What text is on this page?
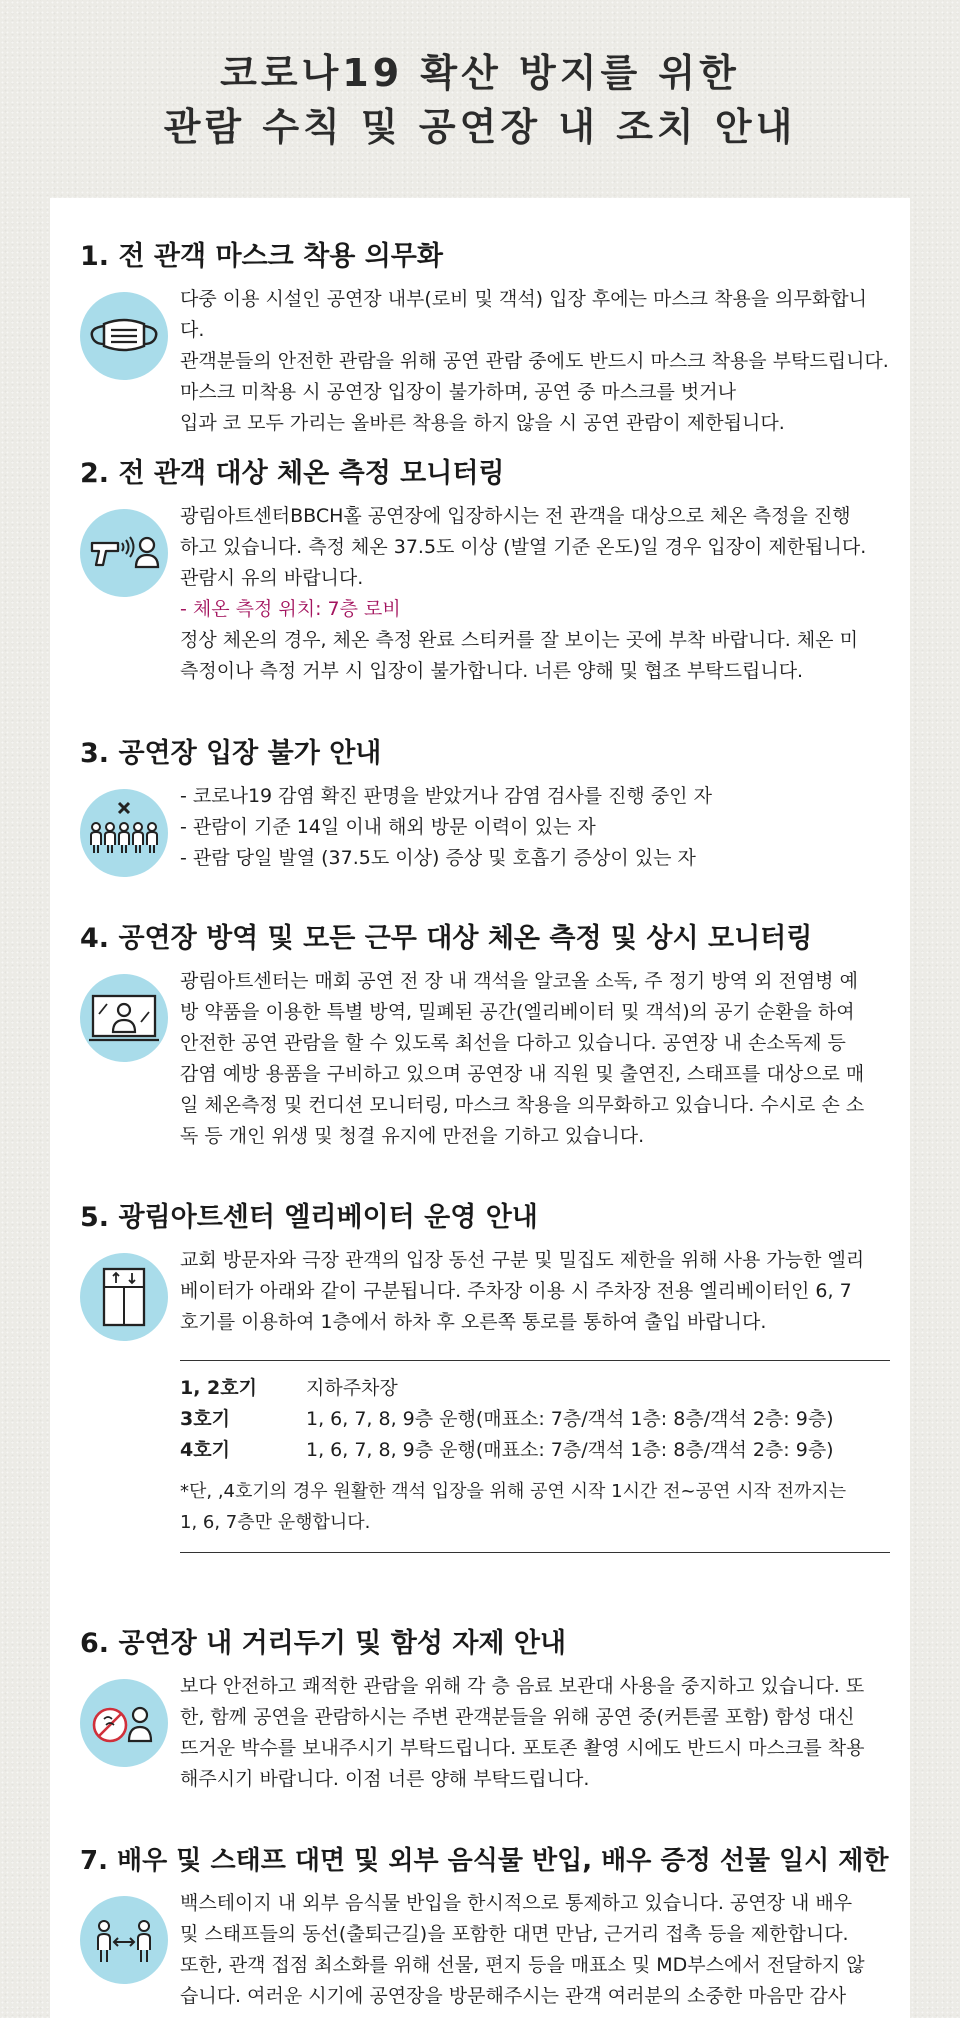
코로나19 확산 방지를 위한
관람 수칙 및 공연장 내 조치 안내
1. 전 관객 마스크 착용 의무화

다중 이용 시설인 공연장 내부(로비 및 객석) 입장 후에는 마스크 착용을 의무화합니다.

관객분들의 안전한 관람을 위해 공연 관람 중에도 반드시 마스크 착용을 부탁드립니다.

마스크 미착용 시 공연장 입장이 불가하며, 공연 중 마스크를 벗거나

입과 코 모두 가리는 올바른 착용을 하지 않을 시 공연 관람이 제한됩니다.

2. 전 관객 대상 체온 측정 모니터링

광림아트센터BBCH홀 공연장에 입장하시는 전 관객을 대상으로 체온 측정을 진행

하고 있습니다. 측정 체온 37.5도 이상 (발열 기준 온도)일 경우 입장이 제한됩니다.

관람시 유의 바랍니다.

- 체온 측정 위치: 7층 로비

정상 체온의 경우, 체온 측정 완료 스티커를 잘 보이는 곳에 부착 바랍니다. 체온 미

측정이나 측정 거부 시 입장이 불가합니다. 너른 양해 및 협조 부탁드립니다.

3. 공연장 입장 불가 안내

- 코로나19 감염 확진 판명을 받았거나 감염 검사를 진행 중인 자

- 관람이 기준 14일 이내 해외 방문 이력이 있는 자

- 관람 당일 발열 (37.5도 이상) 증상 및 호흡기 증상이 있는 자

4. 공연장 방역 및 모든 근무 대상 체온 측정 및 상시 모니터링

광림아트센터는 매회 공연 전 장 내 객석을 알코올 소독, 주 정기 방역 외 전염병 예

방 약품을 이용한 특별 방역, 밀폐된 공간(엘리베이터 및 객석)의 공기 순환을 하여

안전한 공연 관람을 할 수 있도록 최선을 다하고 있습니다. 공연장 내 손소독제 등

감염 예방 용품을 구비하고 있으며 공연장 내 직원 및 출연진, 스태프를 대상으로 매

일 체온측정 및 컨디션 모니터링, 마스크 착용을 의무화하고 있습니다. 수시로 손 소

독 등 개인 위생 및 청결 유지에 만전을 기하고 있습니다.

5. 광림아트센터 엘리베이터 운영 안내

교회 방문자와 극장 관객의 입장 동선 구분 및 밀집도 제한을 위해 사용 가능한 엘리

베이터가 아래와 같이 구분됩니다. 주차장 이용 시 주차장 전용 엘리베이터인 6, 7

호기를 이용하여 1층에서 하차 후 오른쪽 통로를 통하여 출입 바랍니다.

1, 2호기	지하주차장
3호기	1, 6, 7, 8, 9층 운행(매표소: 7층/객석 1층: 8층/객석 2층: 9층)
4호기	1, 6, 7, 8, 9층 운행(매표소: 7층/객석 1층: 8층/객석 2층: 9층)
*단, ,4호기의 경우 원활한 객석 입장을 위해 공연 시작 1시간 전~공연 시작 전까지는
1, 6, 7층만 운행합니다.
6. 공연장 내 거리두기 및 함성 자제 안내

보다 안전하고 쾌적한 관람을 위해 각 층 음료 보관대 사용을 중지하고 있습니다. 또

한, 함께 공연을 관람하시는 주변 관객분들을 위해 공연 중(커튼콜 포함) 함성 대신

뜨거운 박수를 보내주시기 부탁드립니다. 포토존 촬영 시에도 반드시 마스크를 착용

해주시기 바랍니다. 이점 너른 양해 부탁드립니다.

7. 배우 및 스태프 대면 및 외부 음식물 반입, 배우 증정 선물 일시 제한

백스테이지 내 외부 음식물 반입을 한시적으로 통제하고 있습니다. 공연장 내 배우

및 스태프들의 동선(출퇴근길)을 포함한 대면 만남, 근거리 접촉 등을 제한합니다.

또한, 관객 접점 최소화를 위해 선물, 편지 등을 매표소 및 MD부스에서 전달하지 않

습니다. 여러운 시기에 공연장을 방문해주시는 관객 여러분의 소중한 마음만 감사
